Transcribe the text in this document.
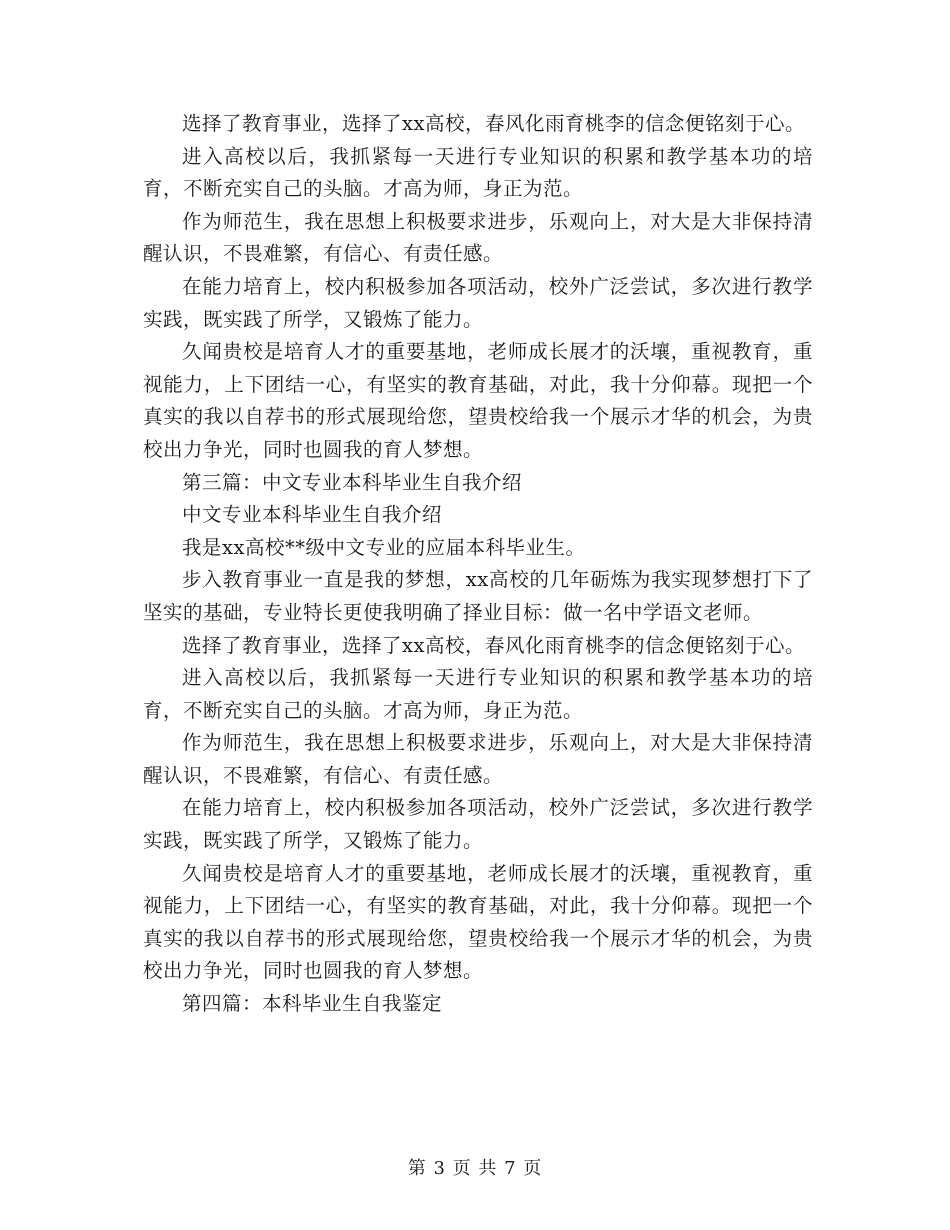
选择了教育事业，选择了xx高校，春风化雨育桃李的信念便铭刻于心。

进入高校以后，我抓紧每一天进行专业知识的积累和教学基本功的培育，不断充实自己的头脑。才高为师，身正为范。

作为师范生，我在思想上积极要求进步，乐观向上，对大是大非保持清醒认识，不畏难繁，有信心、有责任感。

在能力培育上，校内积极参加各项活动，校外广泛尝试，多次进行教学实践，既实践了所学，又锻炼了能力。

久闻贵校是培育人才的重要基地，老师成长展才的沃壤，重视教育，重视能力，上下团结一心，有坚实的教育基础，对此，我十分仰幕。现把一个真实的我以自荐书的形式展现给您，望贵校给我一个展示才华的机会，为贵校出力争光，同时也圆我的育人梦想。

第三篇：中文专业本科毕业生自我介绍

中文专业本科毕业生自我介绍

我是xx高校**级中文专业的应届本科毕业生。

步入教育事业一直是我的梦想，xx高校的几年砺炼为我实现梦想打下了坚实的基础，专业特长更使我明确了择业目标：做一名中学语文老师。

选择了教育事业，选择了xx高校，春风化雨育桃李的信念便铭刻于心。

进入高校以后，我抓紧每一天进行专业知识的积累和教学基本功的培育，不断充实自己的头脑。才高为师，身正为范。

作为师范生，我在思想上积极要求进步，乐观向上，对大是大非保持清醒认识，不畏难繁，有信心、有责任感。

在能力培育上，校内积极参加各项活动，校外广泛尝试，多次进行教学实践，既实践了所学，又锻炼了能力。

久闻贵校是培育人才的重要基地，老师成长展才的沃壤，重视教育，重视能力，上下团结一心，有坚实的教育基础，对此，我十分仰幕。现把一个真实的我以自荐书的形式展现给您，望贵校给我一个展示才华的机会，为贵校出力争光，同时也圆我的育人梦想。

第四篇：本科毕业生自我鉴定

第 3 页 共 7 页
